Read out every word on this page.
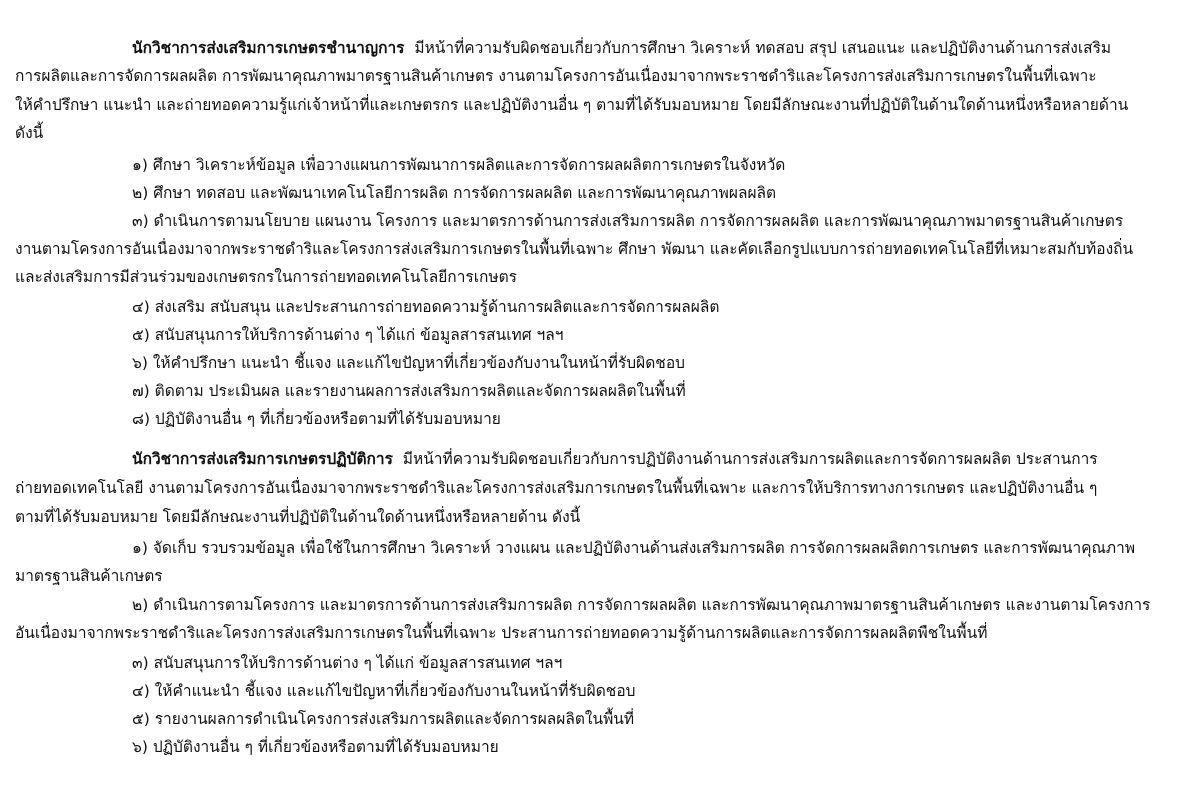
นักวิชาการส่งเสริมการเกษตรชำนาญการ มีหน้าที่ความรับผิดชอบเกี่ยวกับการศึกษา วิเคราะห์ ทดสอบ สรุป เสนอแนะ และปฏิบัติงานด้านการส่งเสริม
การผลิตและการจัดการผลผลิต การพัฒนาคุณภาพมาตรฐานสินค้าเกษตร งานตามโครงการอันเนื่องมาจากพระราชดำริและโครงการส่งเสริมการเกษตรในพื้นที่เฉพาะ
ให้คำปรึกษา แนะนำ และถ่ายทอดความรู้แก่เจ้าหน้าที่และเกษตรกร และปฏิบัติงานอื่น ๆ ตามที่ได้รับมอบหมาย โดยมีลักษณะงานที่ปฏิบัติในด้านใดด้านหนึ่งหรือหลายด้าน
ดังนี้
๑) ศึกษา วิเคราะห์ข้อมูล เพื่อวางแผนการพัฒนาการผลิตและการจัดการผลผลิตการเกษตรในจังหวัด
๒) ศึกษา ทดสอบ และพัฒนาเทคโนโลยีการผลิต การจัดการผลผลิต และการพัฒนาคุณภาพผลผลิต
๓) ดำเนินการตามนโยบาย แผนงาน โครงการ และมาตรการด้านการส่งเสริมการผลิต การจัดการผลผลิต และการพัฒนาคุณภาพมาตรฐานสินค้าเกษตร
งานตามโครงการอันเนื่องมาจากพระราชดำริและโครงการส่งเสริมการเกษตรในพื้นที่เฉพาะ ศึกษา พัฒนา และคัดเลือกรูปแบบการถ่ายทอดเทคโนโลยีที่เหมาะสมกับท้องถิ่น
และส่งเสริมการมีส่วนร่วมของเกษตรกรในการถ่ายทอดเทคโนโลยีการเกษตร
๔) ส่งเสริม สนับสนุน และประสานการถ่ายทอดความรู้ด้านการผลิตและการจัดการผลผลิต
๕) สนับสนุนการให้บริการด้านต่าง ๆ ได้แก่ ข้อมูลสารสนเทศ ฯลฯ
๖) ให้คำปรึกษา แนะนำ ชี้แจง และแก้ไขปัญหาที่เกี่ยวข้องกับงานในหน้าที่รับผิดชอบ
๗) ติดตาม ประเมินผล และรายงานผลการส่งเสริมการผลิตและจัดการผลผลิตในพื้นที่
๘) ปฏิบัติงานอื่น ๆ ที่เกี่ยวข้องหรือตามที่ได้รับมอบหมาย
นักวิชาการส่งเสริมการเกษตรปฏิบัติการ มีหน้าที่ความรับผิดชอบเกี่ยวกับการปฏิบัติงานด้านการส่งเสริมการผลิตและการจัดการผลผลิต ประสานการ
ถ่ายทอดเทคโนโลยี งานตามโครงการอันเนื่องมาจากพระราชดำริและโครงการส่งเสริมการเกษตรในพื้นที่เฉพาะ และการให้บริการทางการเกษตร และปฏิบัติงานอื่น ๆ
ตามที่ได้รับมอบหมาย โดยมีลักษณะงานที่ปฏิบัติในด้านใดด้านหนึ่งหรือหลายด้าน ดังนี้
๑) จัดเก็บ รวบรวมข้อมูล เพื่อใช้ในการศึกษา วิเคราะห์ วางแผน และปฏิบัติงานด้านส่งเสริมการผลิต การจัดการผลผลิตการเกษตร และการพัฒนาคุณภาพ
มาตรฐานสินค้าเกษตร
๒) ดำเนินการตามโครงการ และมาตรการด้านการส่งเสริมการผลิต การจัดการผลผลิต และการพัฒนาคุณภาพมาตรฐานสินค้าเกษตร และงานตามโครงการ
อันเนื่องมาจากพระราชดำริและโครงการส่งเสริมการเกษตรในพื้นที่เฉพาะ ประสานการถ่ายทอดความรู้ด้านการผลิตและการจัดการผลผลิตพืชในพื้นที่
๓) สนับสนุนการให้บริการด้านต่าง ๆ ได้แก่ ข้อมูลสารสนเทศ ฯลฯ
๔) ให้คำแนะนำ ชี้แจง และแก้ไขปัญหาที่เกี่ยวข้องกับงานในหน้าที่รับผิดชอบ
๕) รายงานผลการดำเนินโครงการส่งเสริมการผลิตและจัดการผลผลิตในพื้นที่
๖) ปฏิบัติงานอื่น ๆ ที่เกี่ยวข้องหรือตามที่ได้รับมอบหมาย
